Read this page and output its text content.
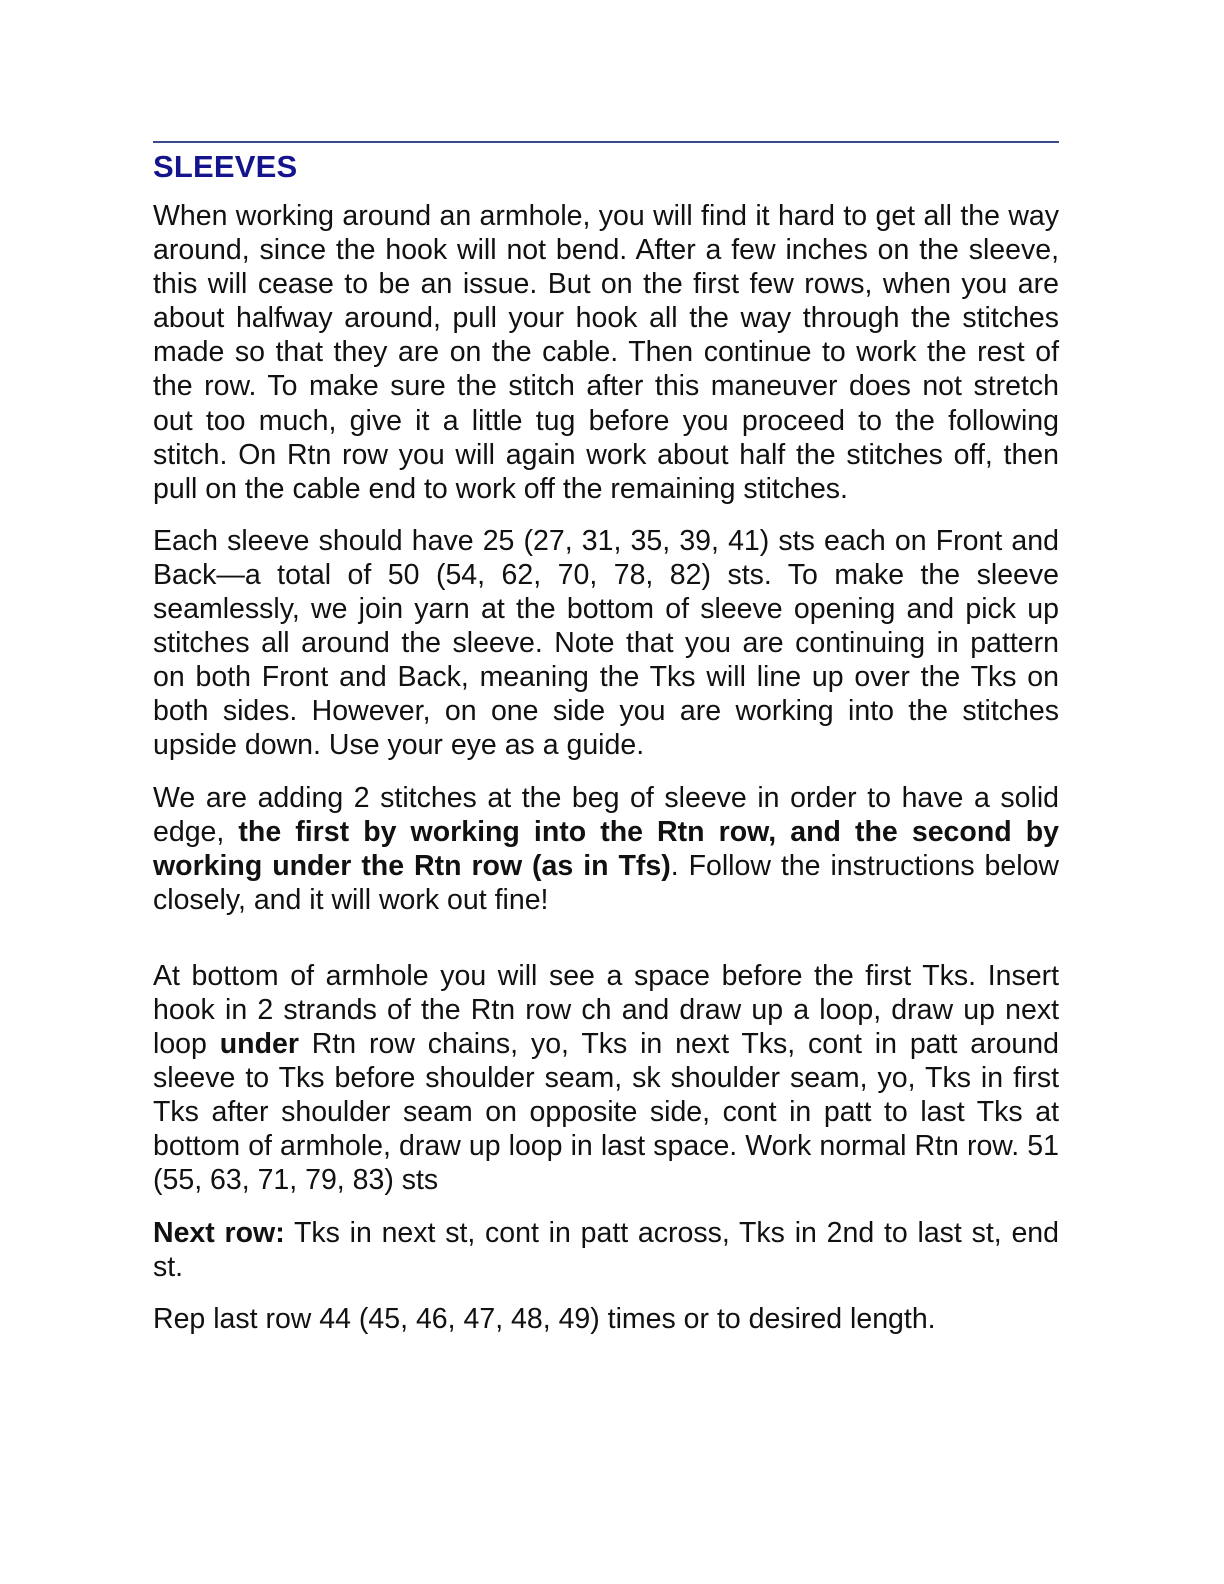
SLEEVES

When working around an armhole, you will find it hard to get all the way around, since the hook will not bend. After a few inches on the sleeve, this will cease to be an issue. But on the first few rows, when you are about halfway around, pull your hook all the way through the stitches made so that they are on the cable. Then continue to work the rest of the row. To make sure the stitch after this maneuver does not stretch out too much, give it a little tug before you proceed to the following stitch. On Rtn row you will again work about half the stitches off, then pull on the cable end to work off the remaining stitches.

Each sleeve should have 25 (27, 31, 35, 39, 41) sts each on Front and Back—a total of 50 (54, 62, 70, 78, 82) sts. To make the sleeve seamlessly, we join yarn at the bottom of sleeve opening and pick up stitches all around the sleeve. Note that you are continuing in pattern on both Front and Back, meaning the Tks will line up over the Tks on both sides. However, on one side you are working into the stitches upside down. Use your eye as a guide.

We are adding 2 stitches at the beg of sleeve in order to have a solid edge, the first by working into the Rtn row, and the second by working under the Rtn row (as in Tfs). Follow the instructions below closely, and it will work out fine!

At bottom of armhole you will see a space before the first Tks. Insert hook in 2 strands of the Rtn row ch and draw up a loop, draw up next loop under Rtn row chains, yo, Tks in next Tks, cont in patt around sleeve to Tks before shoulder seam, sk shoulder seam, yo, Tks in first Tks after shoulder seam on opposite side, cont in patt to last Tks at bottom of armhole, draw up loop in last space. Work normal Rtn row. 51 (55, 63, 71, 79, 83) sts

Next row: Tks in next st, cont in patt across, Tks in 2nd to last st, end st.

Rep last row 44 (45, 46, 47, 48, 49) times or to desired length.
